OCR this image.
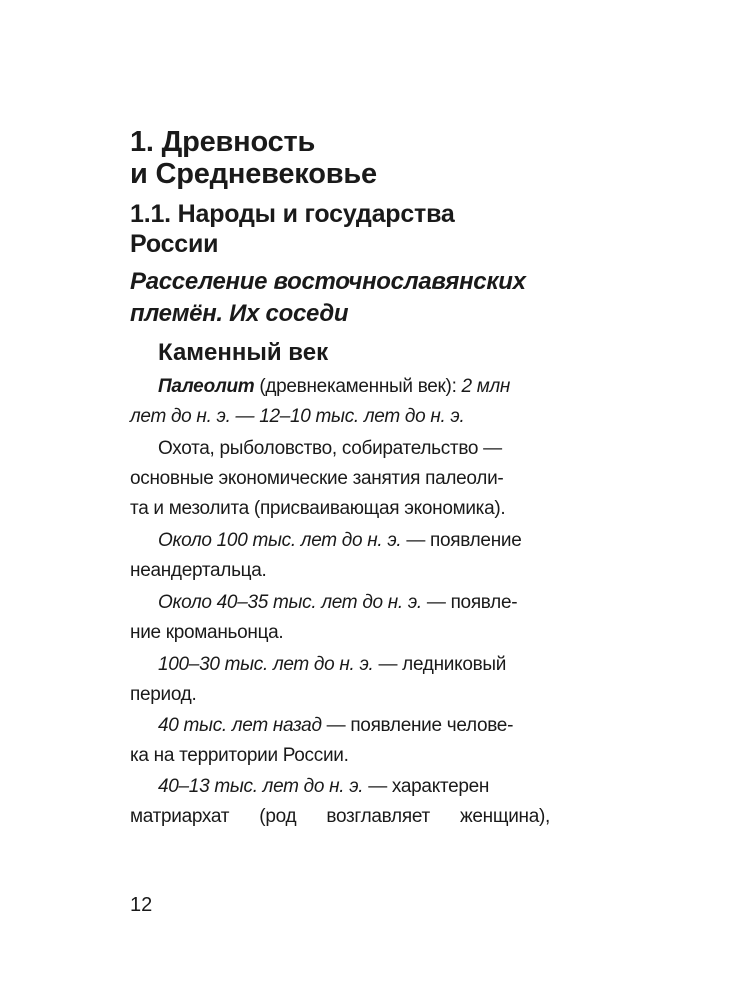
1. Древность
и Средневековье
1.1. Народы и государства
России
Расселение восточнославянских
племён. Их соседи
Каменный век
Палеолит (древнекаменный век): 2 млн
лет до н. э. — 12–10 тыс. лет до н. э.
Охота, рыболовство, собирательство —
основные экономические занятия палеоли-
та и мезолита (присваивающая экономика).
Около 100 тыс. лет до н. э. — появление
неандертальца.
Около 40–35 тыс. лет до н. э. — появле-
ние кроманьонца.
100–30 тыс. лет до н. э. — ледниковый
период.
40 тыс. лет назад — появление челове-
ка на территории России.
40–13 тыс. лет до н. э. — характерен
матриархат (род возглавляет женщина),
12
